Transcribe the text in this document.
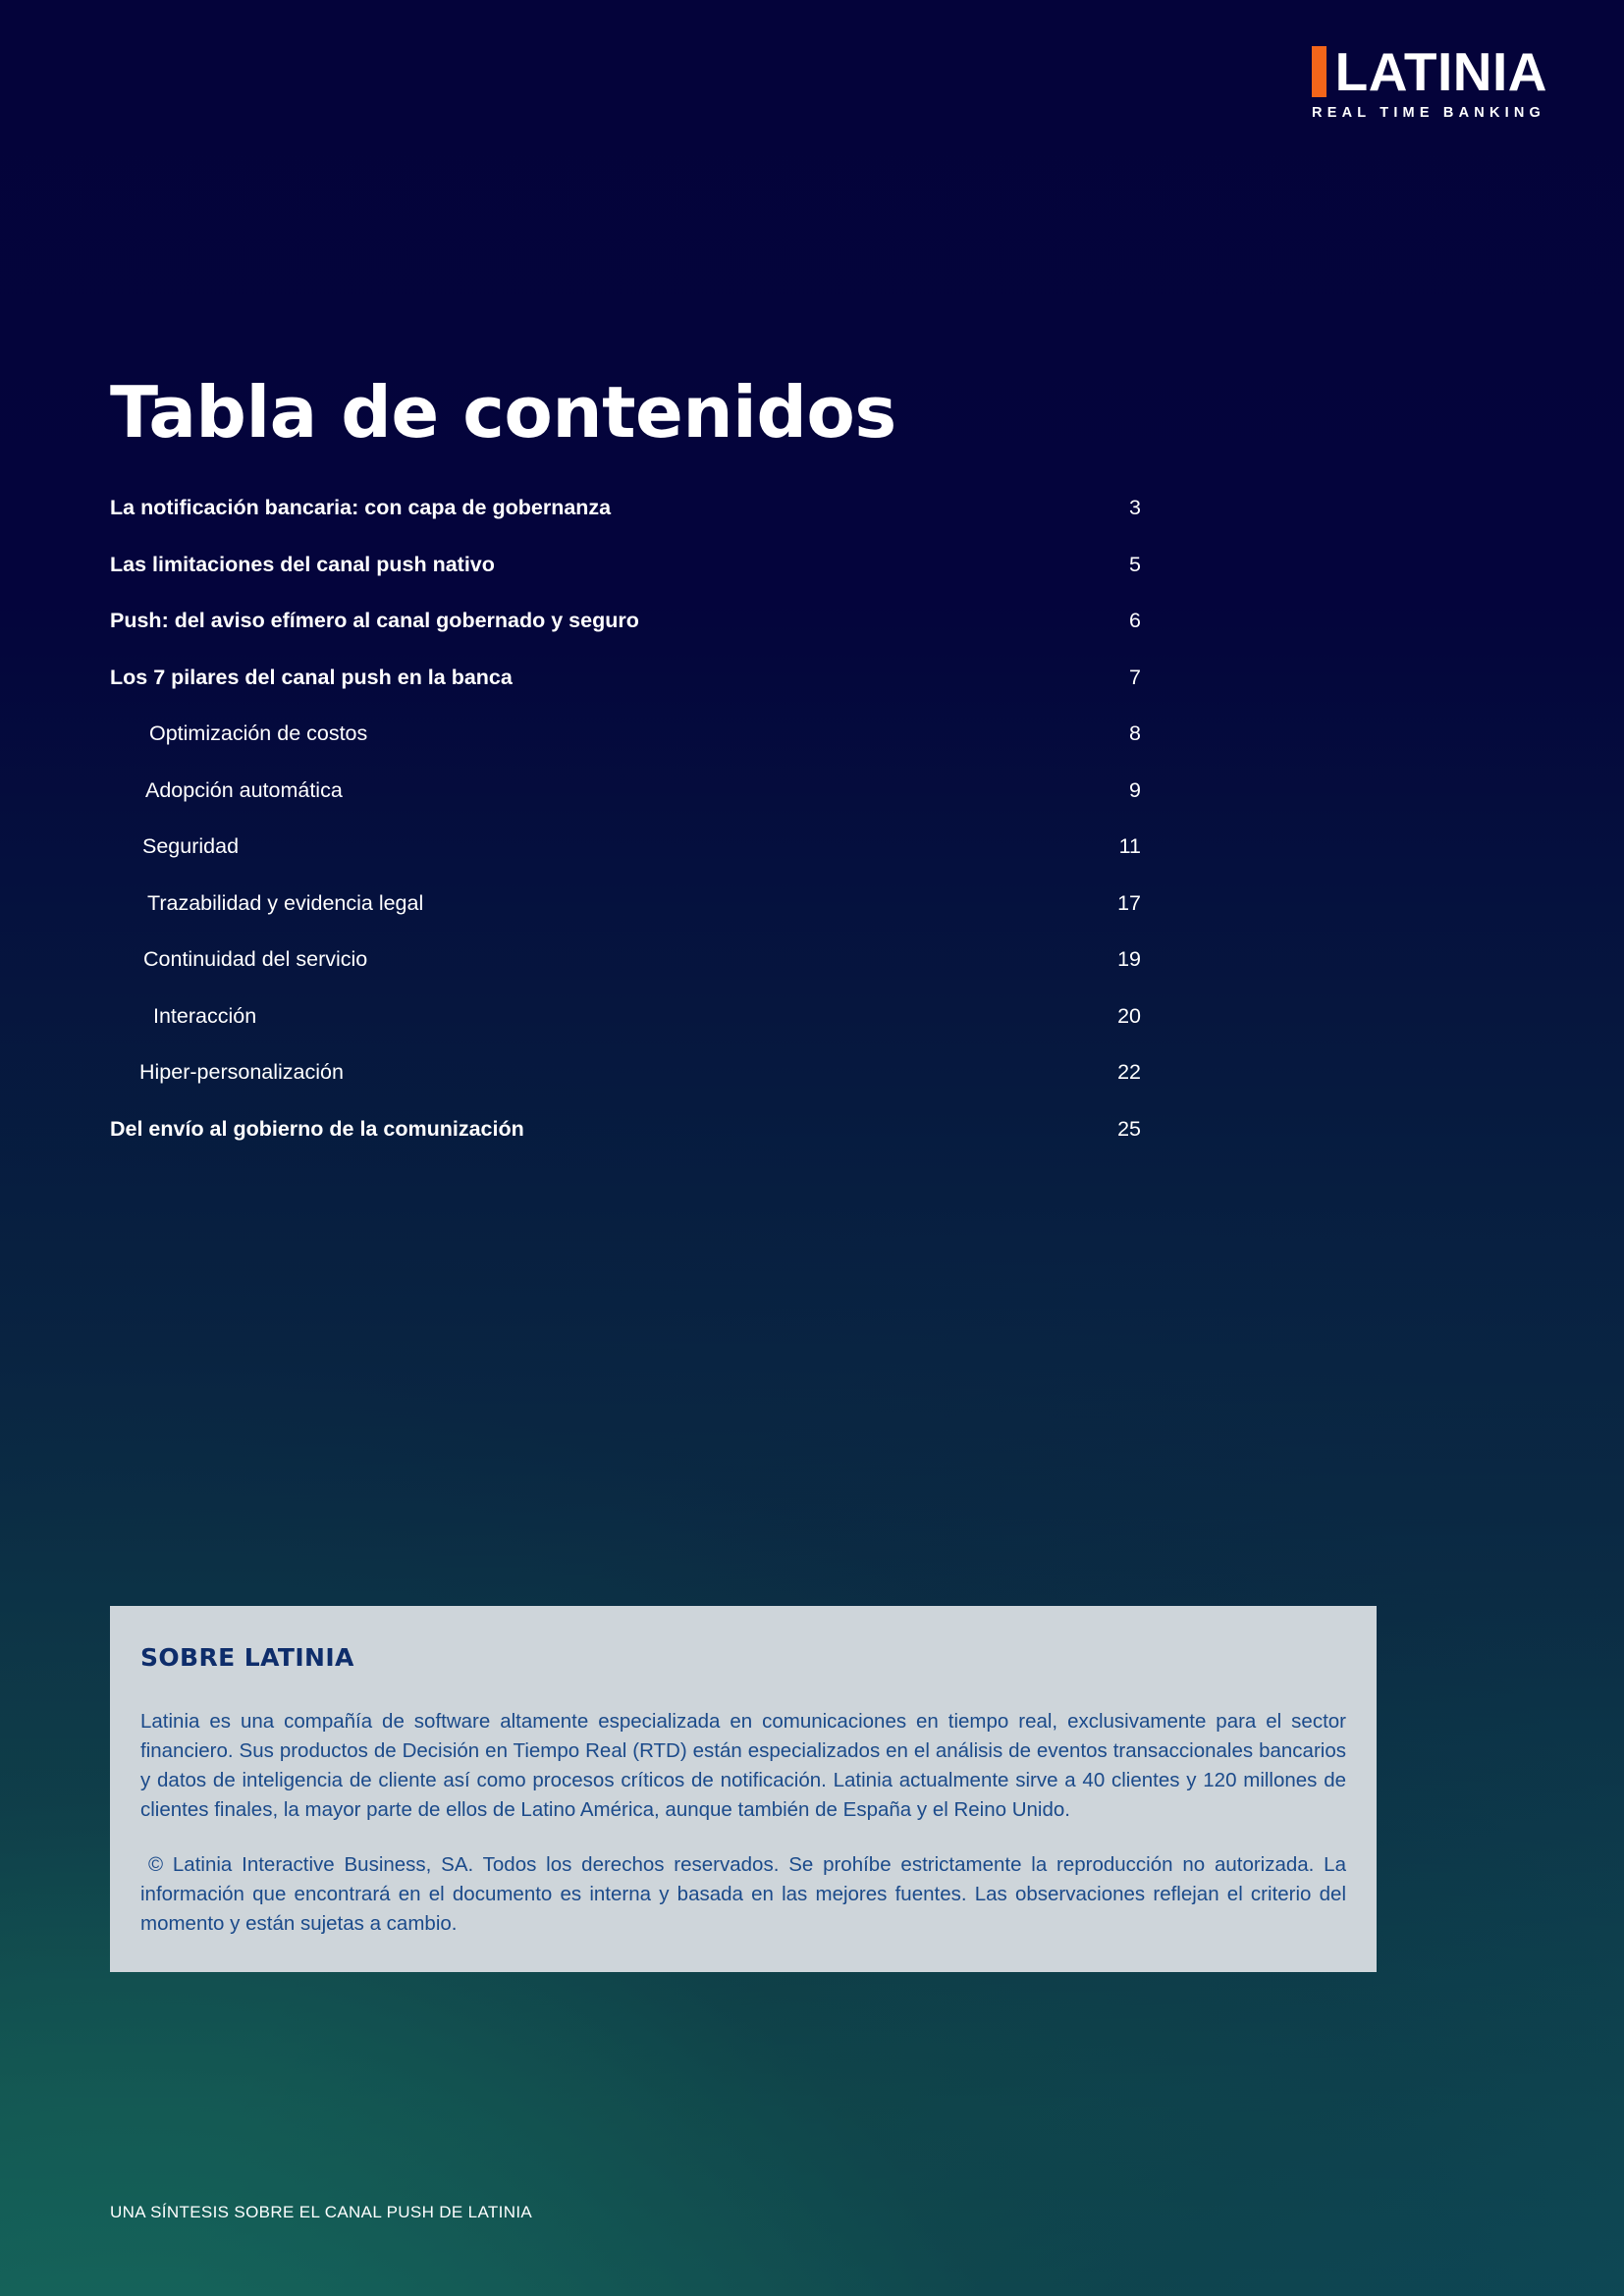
LATINIA
REAL TIME BANKING
Tabla de contenidos
La notificación bancaria: con capa de gobernanza	3
Las limitaciones del canal push nativo	5
Push: del aviso efímero al canal gobernado y seguro	6
Los 7 pilares del canal push en la banca	7
Optimización de costos	8
Adopción automática	9
Seguridad	11
Trazabilidad y evidencia legal	17
Continuidad del servicio	19
Interacción	20
Hiper-personalización	22
Del envío al gobierno de la comunización	25
SOBRE LATINIA

Latinia es una compañía de software altamente especializada en comunicaciones en tiempo real, exclusivamente para el sector financiero. Sus productos de Decisión en Tiempo Real (RTD) están especializados en el análisis de eventos transaccionales bancarios y datos de inteligencia de cliente así como procesos críticos de notificación. Latinia actualmente sirve a 40 clientes y 120 millones de clientes finales, la mayor parte de ellos de Latino América, aunque también de España y el Reino Unido.

© Latinia Interactive Business, SA. Todos los derechos reservados. Se prohíbe estrictamente la reproducción no autorizada. La información que encontrará en el documento es interna y basada en las mejores fuentes. Las observaciones reflejan el criterio del momento y están sujetas a cambio.

UNA SÍNTESIS SOBRE EL CANAL PUSH DE LATINIA
